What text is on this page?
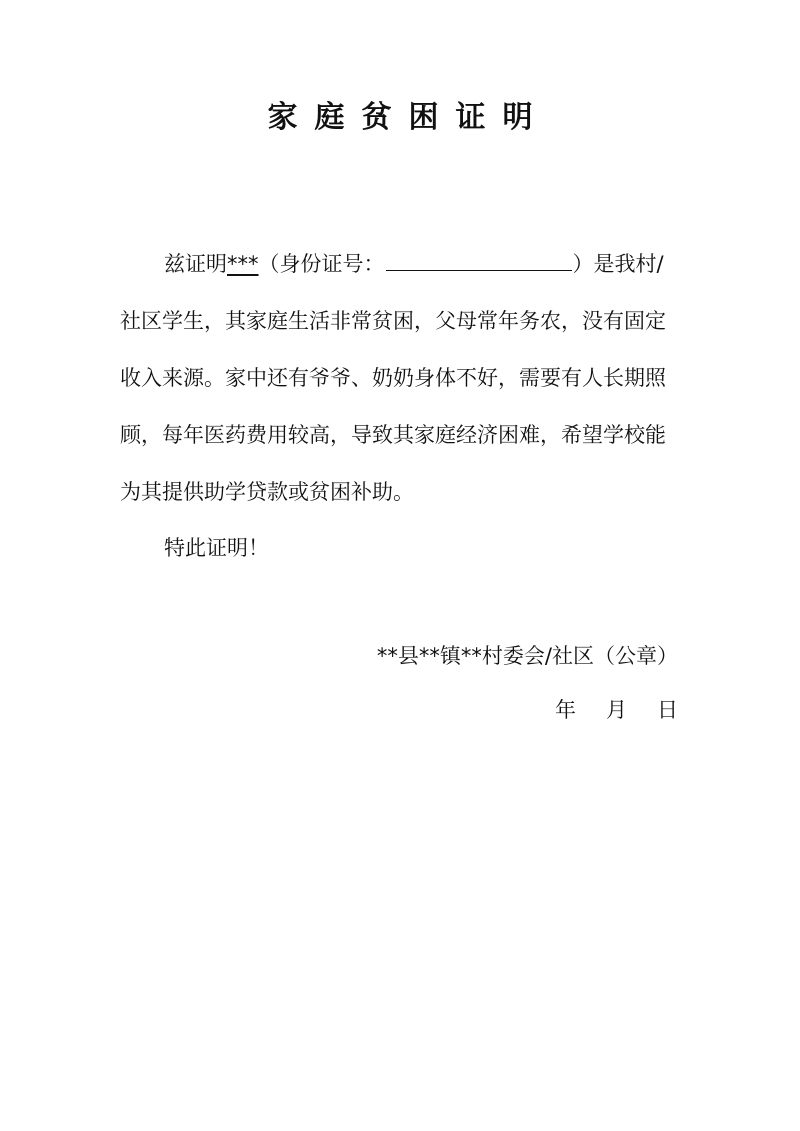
家庭贫困证明
兹证明***（身份证号：	）是我村/
社区学生，其家庭生活非常贫困，父母常年务农，没有固定
收入来源。家中还有爷爷、奶奶身体不好，需要有人长期照
顾，每年医药费用较高，导致其家庭经济困难，希望学校能
为其提供助学贷款或贫困补助。
特此证明！
**县**镇**村委会/社区（公章）
年 月 日
